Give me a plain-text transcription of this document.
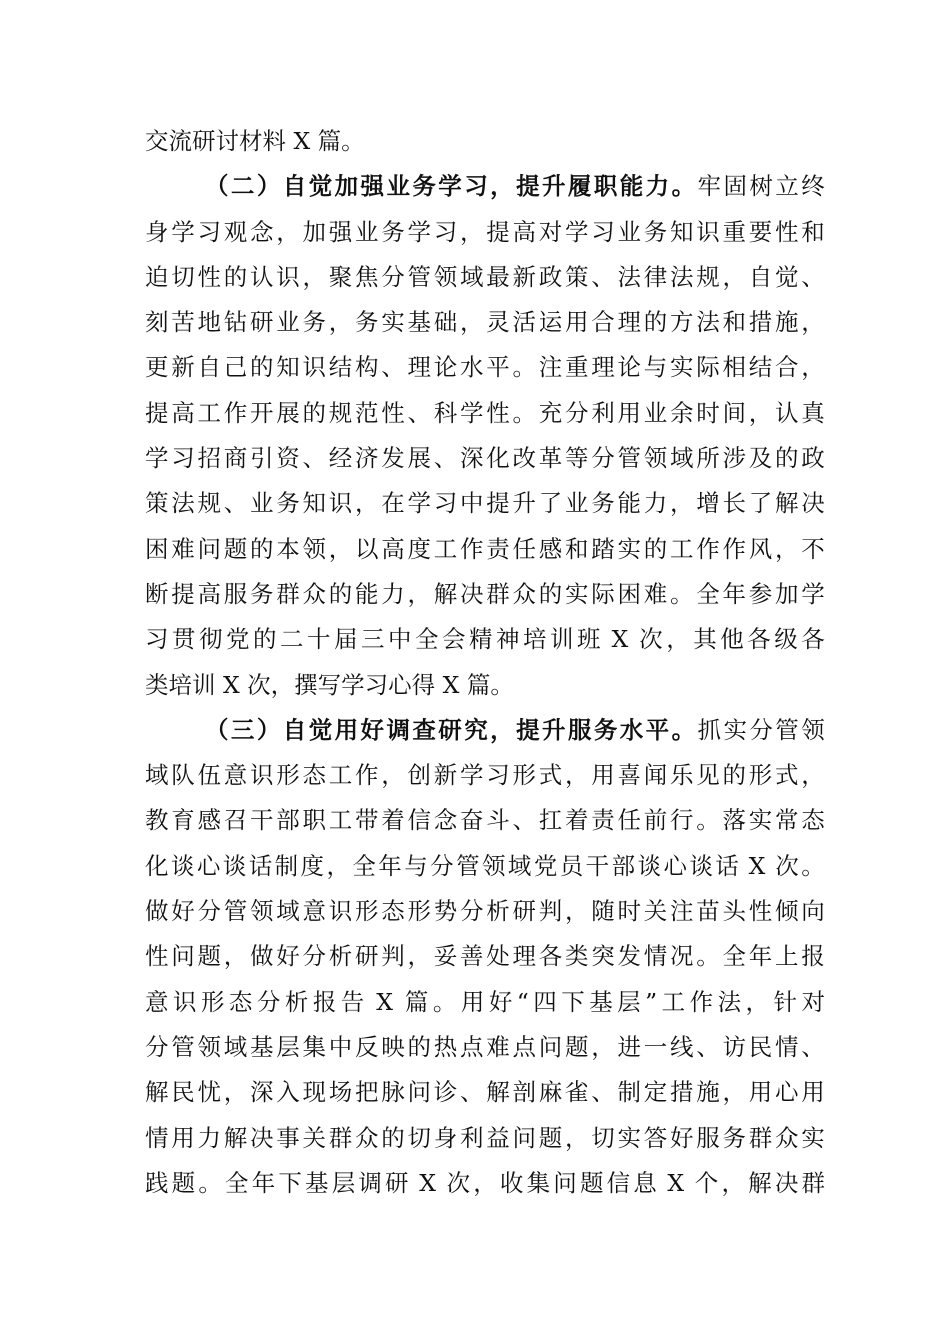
交流研讨材料 X 篇。
（ 二 ） 自 觉 加 强 业 务 学 习 ， 提 升 履 职 能 力 。 牢 固 树 立 终
身 学 习 观 念 ， 加 强 业 务 学 习 ， 提 高 对 学 习 业 务 知 识 重 要 性 和
迫 切 性 的 认 识 ， 聚 焦 分 管 领 域 最 新 政 策 、 法 律 法 规 ， 自 觉 、
刻 苦 地 钻 研 业 务 ， 务 实 基 础 ， 灵 活 运 用 合 理 的 方 法 和 措 施 ，
更 新 自 己 的 知 识 结 构 、 理 论 水 平 。 注 重 理 论 与 实 际 相 结 合 ，
提 高 工 作 开 展 的 规 范 性 、 科 学 性 。 充 分 利 用 业 余 时 间 ， 认 真
学 习 招 商 引 资 、 经 济 发 展 、 深 化 改 革 等 分 管 领 域 所 涉 及 的 政
策 法 规 、 业 务 知 识 ， 在 学 习 中 提 升 了 业 务 能 力 ， 增 长 了 解 决
困 难 问 题 的 本 领 ， 以 高 度 工 作 责 任 感 和 踏 实 的 工 作 作 风 ， 不
断 提 高 服 务 群 众 的 能 力 ， 解 决 群 众 的 实 际 困 难 。 全 年 参 加 学
习 贯 彻 党 的 二 十 届 三 中 全 会 精 神 培 训 班 X 次 ， 其 他 各 级 各
类培训 X 次，撰写学习心得 X 篇。
（ 三 ） 自 觉 用 好 调 查 研 究 ， 提 升 服 务 水 平 。 抓 实 分 管 领
域 队 伍 意 识 形 态 工 作 ， 创 新 学 习 形 式 ， 用 喜 闻 乐 见 的 形 式 ，
教 育 感 召 干 部 职 工 带 着 信 念 奋 斗 、 扛 着 责 任 前 行 。 落 实 常 态
化 谈 心 谈 话 制 度 ， 全 年 与 分 管 领 域 党 员 干 部 谈 心 谈 话 X 次 。
做 好 分 管 领 域 意 识 形 态 形 势 分 析 研 判 ， 随 时 关 注 苗 头 性 倾 向
性 问 题 ， 做 好 分 析 研 判 ， 妥 善 处 理 各 类 突 发 情 况 。 全 年 上 报
意 识 形 态 分 析 报 告 X 篇 。 用 好 “ 四 下 基 层 ” 工 作 法 ， 针 对
分 管 领 域 基 层 集 中 反 映 的 热 点 难 点 问 题 ， 进 一 线 、 访 民 情 、
解 民 忧 ， 深 入 现 场 把 脉 问 诊 、 解 剖 麻 雀 、 制 定 措 施 ， 用 心 用
情 用 力 解 决 事 关 群 众 的 切 身 利 益 问 题 ， 切 实 答 好 服 务 群 众 实
践 题 。 全 年 下 基 层 调 研 X 次 ， 收 集 问 题 信 息 X 个 ， 解 决 群
